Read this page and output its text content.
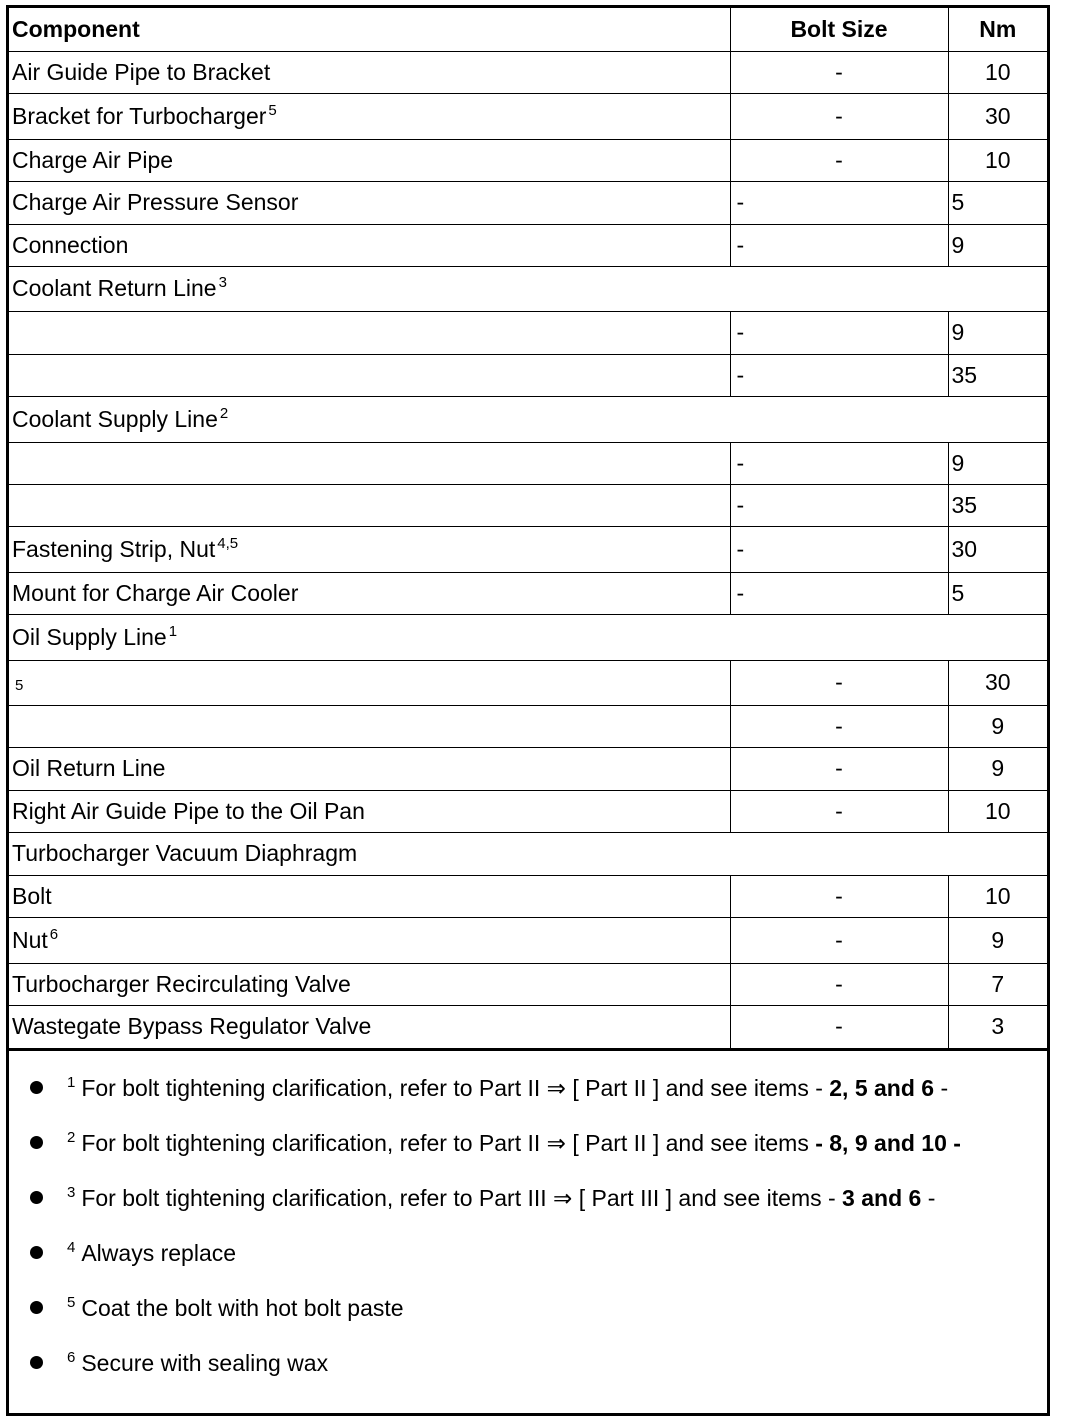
Component	Bolt Size	Nm
Air Guide Pipe to Bracket	-	10
Bracket for Turbocharger $^5$	-	30
Charge Air Pipe	-	10
Charge Air Pressure Sensor	-	5
Connection	-	9
Coolant Return Line $^3$
	-	9
	-	35
Coolant Supply Line $^2$
	-	9
	-	35
Fastening Strip, Nut $^{4,5}$	-	30
Mount for Charge Air Cooler	-	5
Oil Supply Line $^1$
$^5$	-	30
	-	9
Oil Return Line	-	9
Right Air Guide Pipe to the Oil Pan	-	10
Turbocharger Vacuum Diaphragm		
Bolt	-	10
Nut $^6$	-	9
Turbocharger Recirculating Valve	-	7
Wastegate Bypass Regulator Valve	-	3
$^1$ For bolt tightening clarification, refer to Part II ⇒ [ Part II ] and see items - 2, 5 and 6 -
$^2$ For bolt tightening clarification, refer to Part II ⇒ [ Part II ] and see items - 8, 9 and 10 -
$^3$ For bolt tightening clarification, refer to Part III ⇒ [ Part III ] and see items - 3 and 6 -
$^4$ Always replace
$^5$ Coat the bolt with hot bolt paste
$^6$ Secure with sealing wax
